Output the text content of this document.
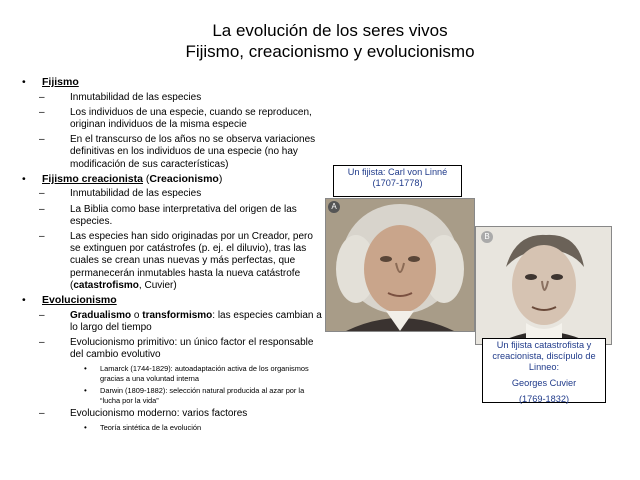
La evolución de los seres vivos
Fijismo, creacionismo y evolucionismo
• Fijismo
–	Inmutabilidad de las especies
–	Los individuos de una especie, cuando se reproducen, originan individuos de la misma especie
–	En el transcurso de los años no se observa variaciones definitivas en los individuos de una especie (no hay modificación de sus características)
• Fijismo creacionista (Creacionismo)
–	Inmutabilidad de las especies
–	La Biblia como base interpretativa del origen de las especies.
–	Las especies han sido originadas por un Creador, pero se extinguen por catástrofes (p. ej. el diluvio), tras las cuales se crean unas nuevas y más perfectas, que permanecerán inmutables hasta la nueva catástrofe (catastrofismo, Cuvier)
• Evolucionismo
–	Gradualismo o transformismo: las especies cambian a lo largo del tiempo
–	Evolucionismo primitivo: un único factor el responsable del cambio evolutivo
• Lamarck (1744-1829): autoadaptación activa de los organismos gracias a una voluntad interna
• Darwin (1809-1882): selección natural producida al azar por la “lucha por la vida”
–	Evolucionismo moderno: varios factores
• Teoría sintética de la evolución
Un fijista: Carl von Linné
(1707-1778)
A
B
Un fijista catastrofista y
creacionista, discípulo de
Linneo:
Georges Cuvier
(1769-1832)
